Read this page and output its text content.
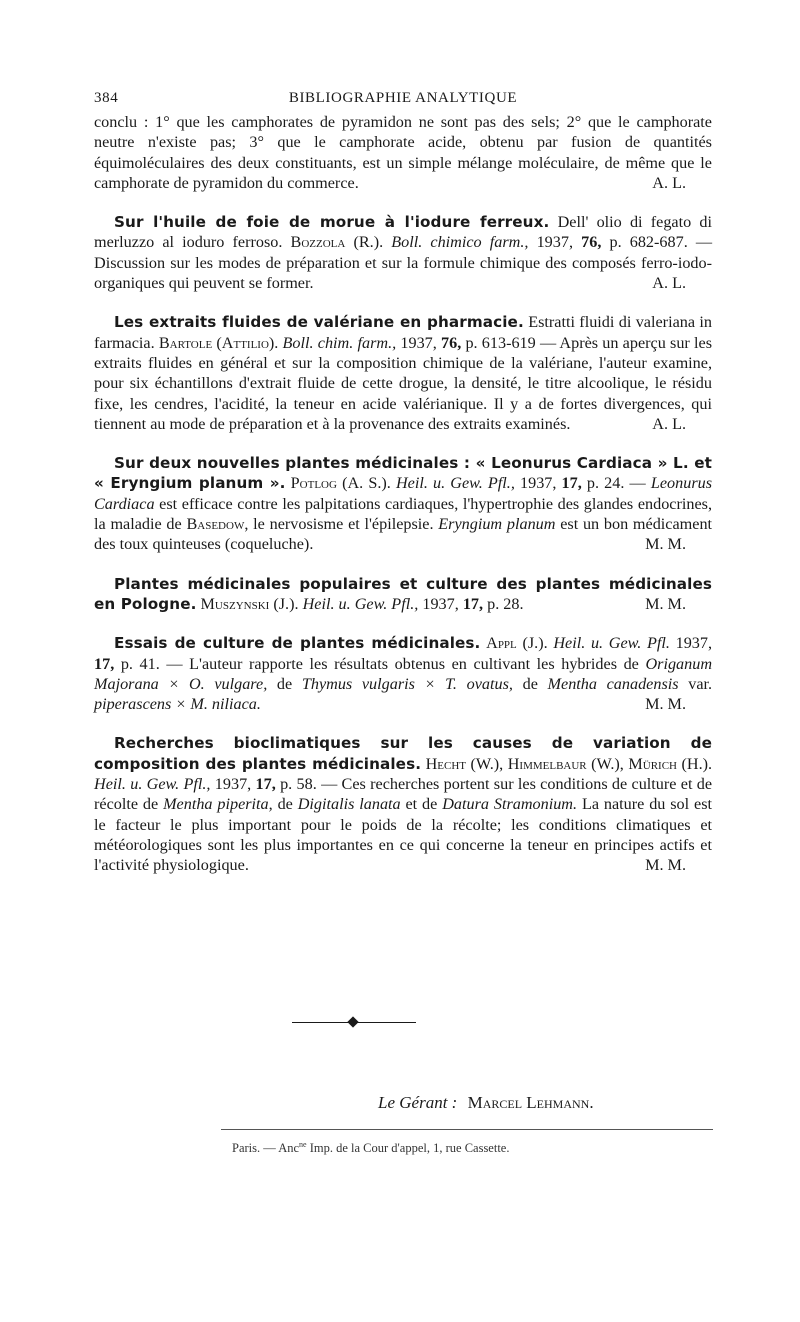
384	BIBLIOGRAPHIE ANALYTIQUE

conclu : 1° que les camphorates de pyramidon ne sont pas des sels; 2° que le camphorate neutre n'existe pas; 3° que le camphorate acide, obtenu par fusion de quantités équimoléculaires des deux constituants, est un simple mélange moléculaire, de même que le camphorate de pyramidon du commerce.	A. L.

Sur l'huile de foie de morue à l'iodure ferreux. Dell' olio di fegato di merluzzo al ioduro ferroso. Bozzola (R.). Boll. chimico farm., 1937, 76, p. 682-687. — Discussion sur les modes de préparation et sur la formule chimique des composés ferro-iodo-organiques qui peuvent se former.	A. L.

Les extraits fluides de valériane en pharmacie. Estratti fluidi di valeriana in farmacia. Bartole (Attilio). Boll. chim. farm., 1937, 76, p. 613-619 — Après un aperçu sur les extraits fluides en général et sur la composition chimique de la valériane, l'auteur examine, pour six échantillons d'extrait fluide de cette drogue, la densité, le titre alcoolique, le résidu fixe, les cendres, l'acidité, la teneur en acide valérianique. Il y a de fortes divergences, qui tiennent au mode de préparation et à la provenance des extraits examinés.	A. L.

Sur deux nouvelles plantes médicinales : « Leonurus Cardiaca » L. et « Eryngium planum ». Potlog (A. S.). Heil. u. Gew. Pfl., 1937, 17, p. 24. — Leonurus Cardiaca est efficace contre les palpitations cardiaques, l'hypertrophie des glandes endocrines, la maladie de Basedow, le nervosisme et l'épilepsie. Eryngium planum est un bon médicament des toux quinteuses (coqueluche).	M. M.

Plantes médicinales populaires et culture des plantes médicinales en Pologne. Muszynski (J.). Heil. u. Gew. Pfl., 1937, 17, p. 28.	M. M.

Essais de culture de plantes médicinales. Appl (J.). Heil. u. Gew. Pfl. 1937, 17, p. 41. — L'auteur rapporte les résultats obtenus en cultivant les hybrides de Origanum Majorana × O. vulgare, de Thymus vulgaris × T. ovatus, de Mentha canadensis var. piperascens × M. niliaca.	M. M.

Recherches bioclimatiques sur les causes de variation de composition des plantes médicinales. Hecht (W.), Himmelbaur (W.), Mürich (H.). Heil. u. Gew. Pfl., 1937, 17, p. 58. — Ces recherches portent sur les conditions de culture et de récolte de Mentha piperita, de Digitalis lanata et de Datura Stramonium. La nature du sol est le facteur le plus important pour le poids de la récolte; les conditions climatiques et météorologiques sont les plus importantes en ce qui concerne la teneur en principes actifs et l'activité physiologique.	M. M.

Le Gérant : Marcel Lehmann.
Paris. — Anc$^{ne}$ Imp. de la Cour d'appel, 1, rue Cassette.
